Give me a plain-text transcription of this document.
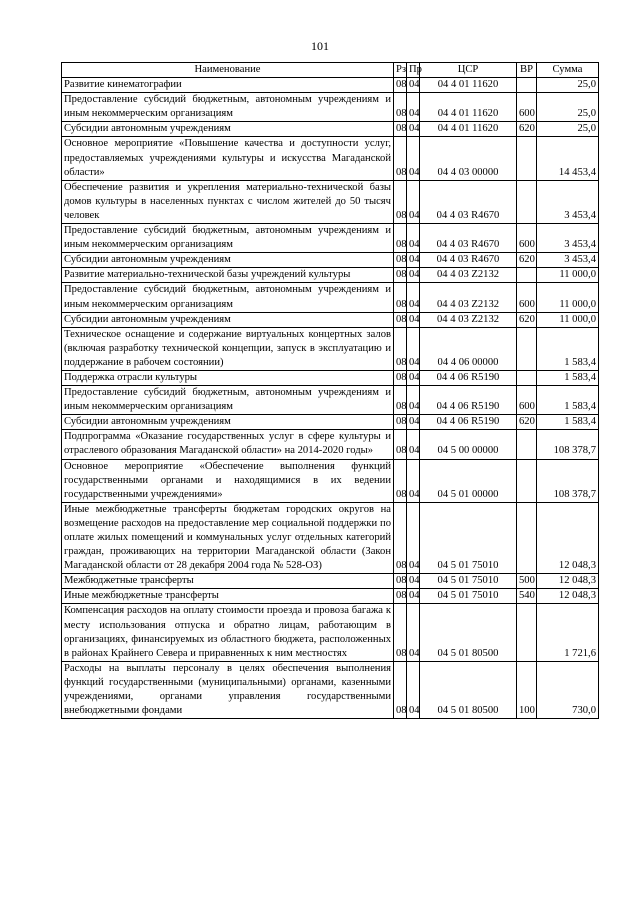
101
Наименование	Рз	Пр	ЦСР	ВР	Сумма
Развитие кинематографии	08	04	04 4 01 11620		25,0
Предоставление субсидий бюджетным, автономным учреждениям и иным некоммерческим организациям	08	04	04 4 01 11620	600	25,0
Субсидии автономным учреждениям	08	04	04 4 01 11620	620	25,0
Основное мероприятие «Повышение качества и доступности услуг, предоставляемых учреждениями культуры и искусства Магаданской области»	08	04	04 4 03 00000		14 453,4
Обеспечение развития и укрепления материально-технической базы домов культуры в населенных пунктах с числом жителей до 50 тысяч человек	08	04	04 4 03 R4670		3 453,4
Предоставление субсидий бюджетным, автономным учреждениям и иным некоммерческим организациям	08	04	04 4 03 R4670	600	3 453,4
Субсидии автономным учреждениям	08	04	04 4 03 R4670	620	3 453,4
Развитие материально-технической базы учреждений культуры	08	04	04 4 03 Z2132		11 000,0
Предоставление субсидий бюджетным, автономным учреждениям и иным некоммерческим организациям	08	04	04 4 03 Z2132	600	11 000,0
Субсидии автономным учреждениям	08	04	04 4 03 Z2132	620	11 000,0
Техническое оснащение и содержание виртуальных концертных залов (включая разработку технической концепции, запуск в эксплуатацию и поддержание в рабочем состоянии)	08	04	04 4 06 00000		1 583,4
Поддержка отрасли культуры	08	04	04 4 06 R5190		1 583,4
Предоставление субсидий бюджетным, автономным учреждениям и иным некоммерческим организациям	08	04	04 4 06 R5190	600	1 583,4
Субсидии автономным учреждениям	08	04	04 4 06 R5190	620	1 583,4
Подпрограмма «Оказание государственных услуг в сфере культуры и отраслевого образования Магаданской области» на 2014-2020 годы»	08	04	04 5 00 00000		108 378,7
Основное мероприятие «Обеспечение выполнения функций государственными органами и находящимися в их ведении государственными учреждениями»	08	04	04 5 01 00000		108 378,7
Иные межбюджетные трансферты бюджетам городских округов на возмещение расходов на предоставление мер социальной поддержки по оплате жилых помещений и коммунальных услуг отдельных категорий граждан, проживающих на территории Магаданской области (Закон Магаданской области от 28 декабря 2004 года № 528-ОЗ)	08	04	04 5 01 75010		12 048,3
Межбюджетные трансферты	08	04	04 5 01 75010	500	12 048,3
Иные межбюджетные трансферты	08	04	04 5 01 75010	540	12 048,3
Компенсация расходов на оплату стоимости проезда и провоза багажа к месту использования отпуска и обратно лицам, работающим в организациях, финансируемых из областного бюджета, расположенных в районах Крайнего Севера и приравненных к ним местностях	08	04	04 5 01 80500		1 721,6
Расходы на выплаты персоналу в целях обеспечения выполнения функций государственными (муниципальными) органами, казенными учреждениями, органами управления государственными внебюджетными фондами	08	04	04 5 01 80500	100	730,0
